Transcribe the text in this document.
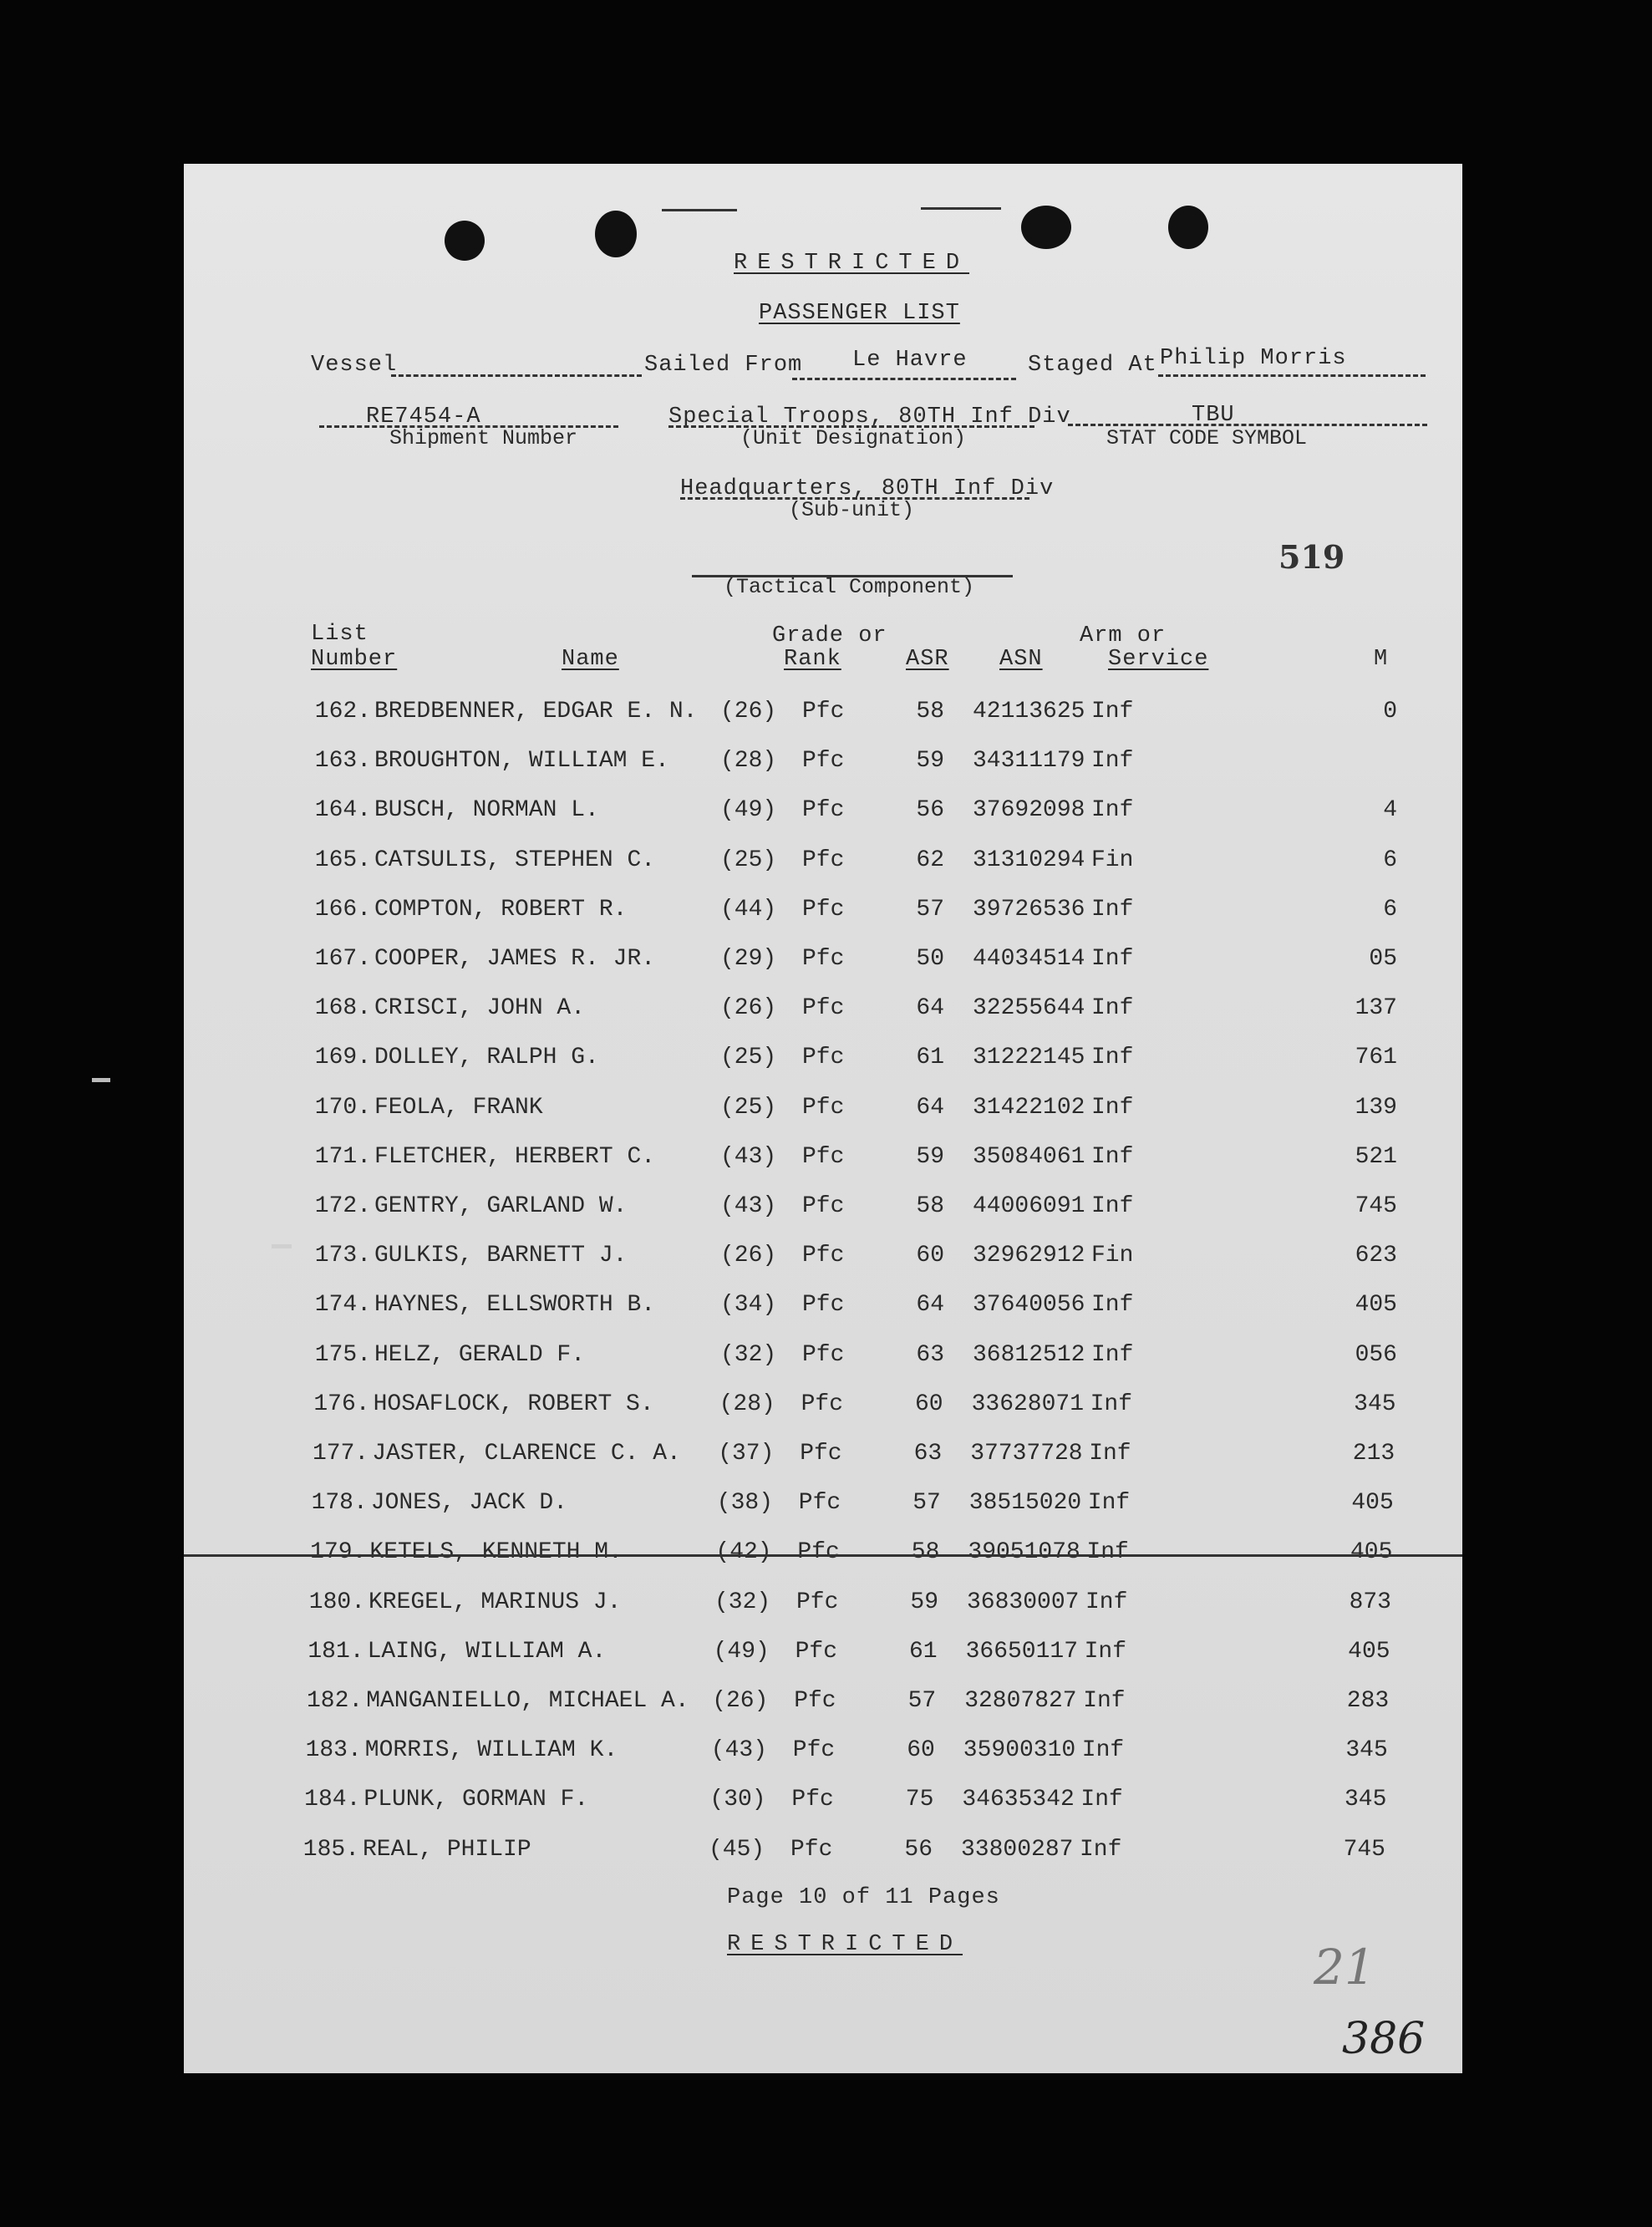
RESTRICTED
PASSENGER LIST
Vessel	Sailed From Le Havre	Staged At Philip Morris
RE7454-A
Shipment Number
Special Troops, 80TH Inf Div
(Unit Designation)
TBU
STAT CODE SYMBOL
Headquarters, 80TH Inf Div
(Sub-unit)
519
(Tactical Component)
List
Number	Name
Grade or
Rank	ASR ASN
Arm or
Service	M
162. BREDBENNER, EDGAR E. N. (26)	Pfc	58 42113625 Inf	0
163. BROUGHTON, WILLIAM E.	(28)	Pfc	59 34311179 Inf
164. BUSCH, NORMAN L.	(49)	Pfc	56 37692098 Inf	4
165. CATSULIS, STEPHEN C.	(25)	Pfc	62 31310294 Fin	6
166. COMPTON, ROBERT R.	(44)	Pfc	57 39726536 Inf	6
167. COOPER, JAMES R. JR.	(29)	Pfc	50 44034514 Inf	05
168. CRISCI, JOHN A.	(26)	Pfc	64 32255644 Inf	137
169. DOLLEY, RALPH G.	(25)	Pfc	61 31222145 Inf	761
170. FEOLA, FRANK	(25)	Pfc	64 31422102 Inf	139
171. FLETCHER, HERBERT C.	(43)	Pfc	59 35084061 Inf	521
172. GENTRY, GARLAND W.	(43)	Pfc	58 44006091 Inf	745
173. GULKIS, BARNETT J.	(26)	Pfc	60 32962912 Fin	623
174. HAYNES, ELLSWORTH B.	(34)	Pfc	64 37640056 Inf	405
175. HELZ, GERALD F.	(32)	Pfc	63 36812512 Inf	056
176. HOSAFLOCK, ROBERT S.	(28)	Pfc	60 33628071 Inf	345
177. JASTER, CLARENCE C. A.	(37)	Pfc	63 37737728 Inf	213
178. JONES, JACK D.	(38)	Pfc	57 38515020 Inf	405
179. KETELS, KENNETH M.	(42)	Pfc	58 39051078 Inf	405
180. KREGEL, MARINUS J.	(32)	Pfc	59 36830007 Inf	873
181. LAING, WILLIAM A.	(49)	Pfc	61 36650117 Inf	405
182. MANGANIELLO, MICHAEL A. (26)	Pfc	57 32807827 Inf	283
183. MORRIS, WILLIAM K.	(43)	Pfc	60 35900310 Inf	345
184. PLUNK, GORMAN F.	(30)	Pfc	75 34635342 Inf	345
185. REAL, PHILIP	(45)	Pfc	56 33800287 Inf	745
Page 10 of 11 Pages
RESTRICTED	21
386
